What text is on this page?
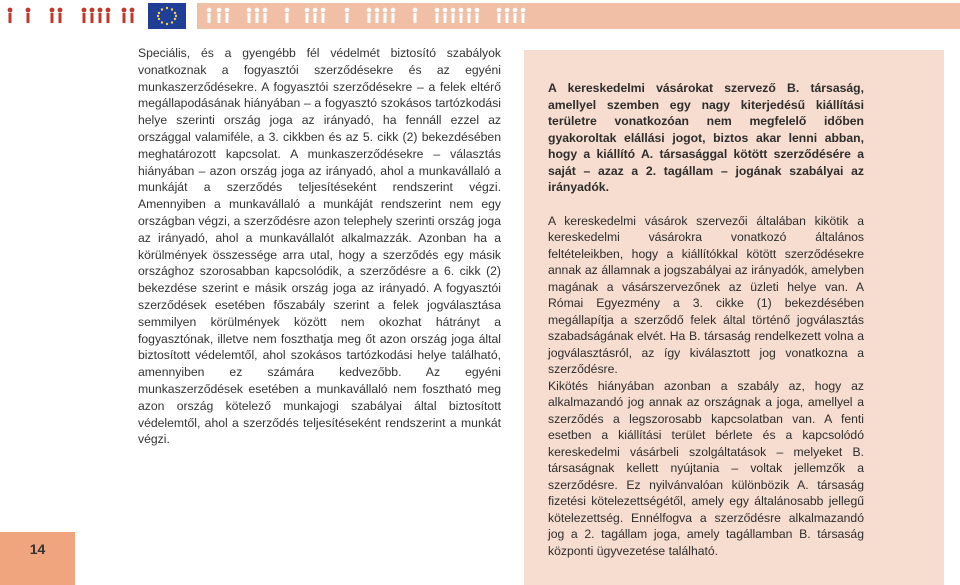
Speciális, és a gyengébb fél védelmét biztosító szabályok vonatkoznak a fogyasztói szerződésekre és az egyéni munkaszerződésekre. A fogyasztói szerződésekre – a felek eltérő megállapodásának hiányában – a fogyasztó szokásos tartózkodási helye szerinti ország joga az irányadó, ha fennáll ezzel az országgal valamiféle, a 3. cikkben és az 5. cikk (2) bekezdésében meghatározott kapcsolat. A munkaszerződésekre – választás hiányában – azon ország joga az irányadó, ahol a munkavállaló a munkáját a szerződés teljesítéseként rendszerint végzi. Amennyiben a munkavállaló a munkáját rendszerint nem egy országban végzi, a szerződésre azon telephely szerinti ország joga az irányadó, ahol a munkavállalót alkalmazzák. Azonban ha a körülmények összessége arra utal, hogy a szerződés egy másik országhoz szorosabban kapcsolódik, a szerződésre a 6. cikk (2) bekezdése szerint e másik ország joga az irányadó. A fogyasztói szerződések esetében főszabály szerint a felek jogválasztása semmilyen körülmények között nem okozhat hátrányt a fogyasztónak, illetve nem foszthatja meg őt azon ország joga által biztosított védelemtől, ahol szokásos tartózkodási helye található, amennyiben ez számára kedvezőbb. Az egyéni munkaszerződések esetében a munkavállaló nem fosztható meg azon ország kötelező munkajogi szabályai által biztosított védelemtől, ahol a szerződés teljesítéseként rendszerint a munkát végzi.

A kereskedelmi vásárokat szervező B. társaság, amellyel szemben egy nagy kiterjedésű kiállítási területre vonatkozóan nem megfelelő időben gyakoroltak elállási jogot, biztos akar lenni abban, hogy a kiállító A. társasággal kötött szerződésére a saját – azaz a 2. tagállam – jogának szabályai az irányadók.

A kereskedelmi vásárok szervezői általában kikötik a kereskedelmi vásárokra vonatkozó általános feltételeikben, hogy a kiállítókkal kötött szerződésekre annak az államnak a jogszabályai az irányadók, amelyben magának a vásárszervezőnek az üzleti helye van. A Római Egyezmény a 3. cikke (1) bekezdésében megállapítja a szerződő felek által történő jogválasztás szabadságának elvét. Ha B. társaság rendelkezett volna a jogválasztásról, az így kiválasztott jog vonatkozna a szerződésre.

Kikötés hiányában azonban a szabály az, hogy az alkalmazandó jog annak az országnak a joga, amellyel a szerződés a legszorosabb kapcsolatban van. A fenti esetben a kiállítási terület bérlete és a kapcsolódó kereskedelmi vásárbeli szolgáltatások – melyeket B. társaságnak kellett nyújtania – voltak jellemzők a szerződésre. Ez nyilvánvalóan különbözik A. társaság fizetési kötelezettségétől, amely egy általánosabb jellegű kötelezettség. Ennélfogva a szerződésre alkalmazandó jog a 2. tagállam joga, amely tagállamban B. társaság központi ügyvezetése található.

14
